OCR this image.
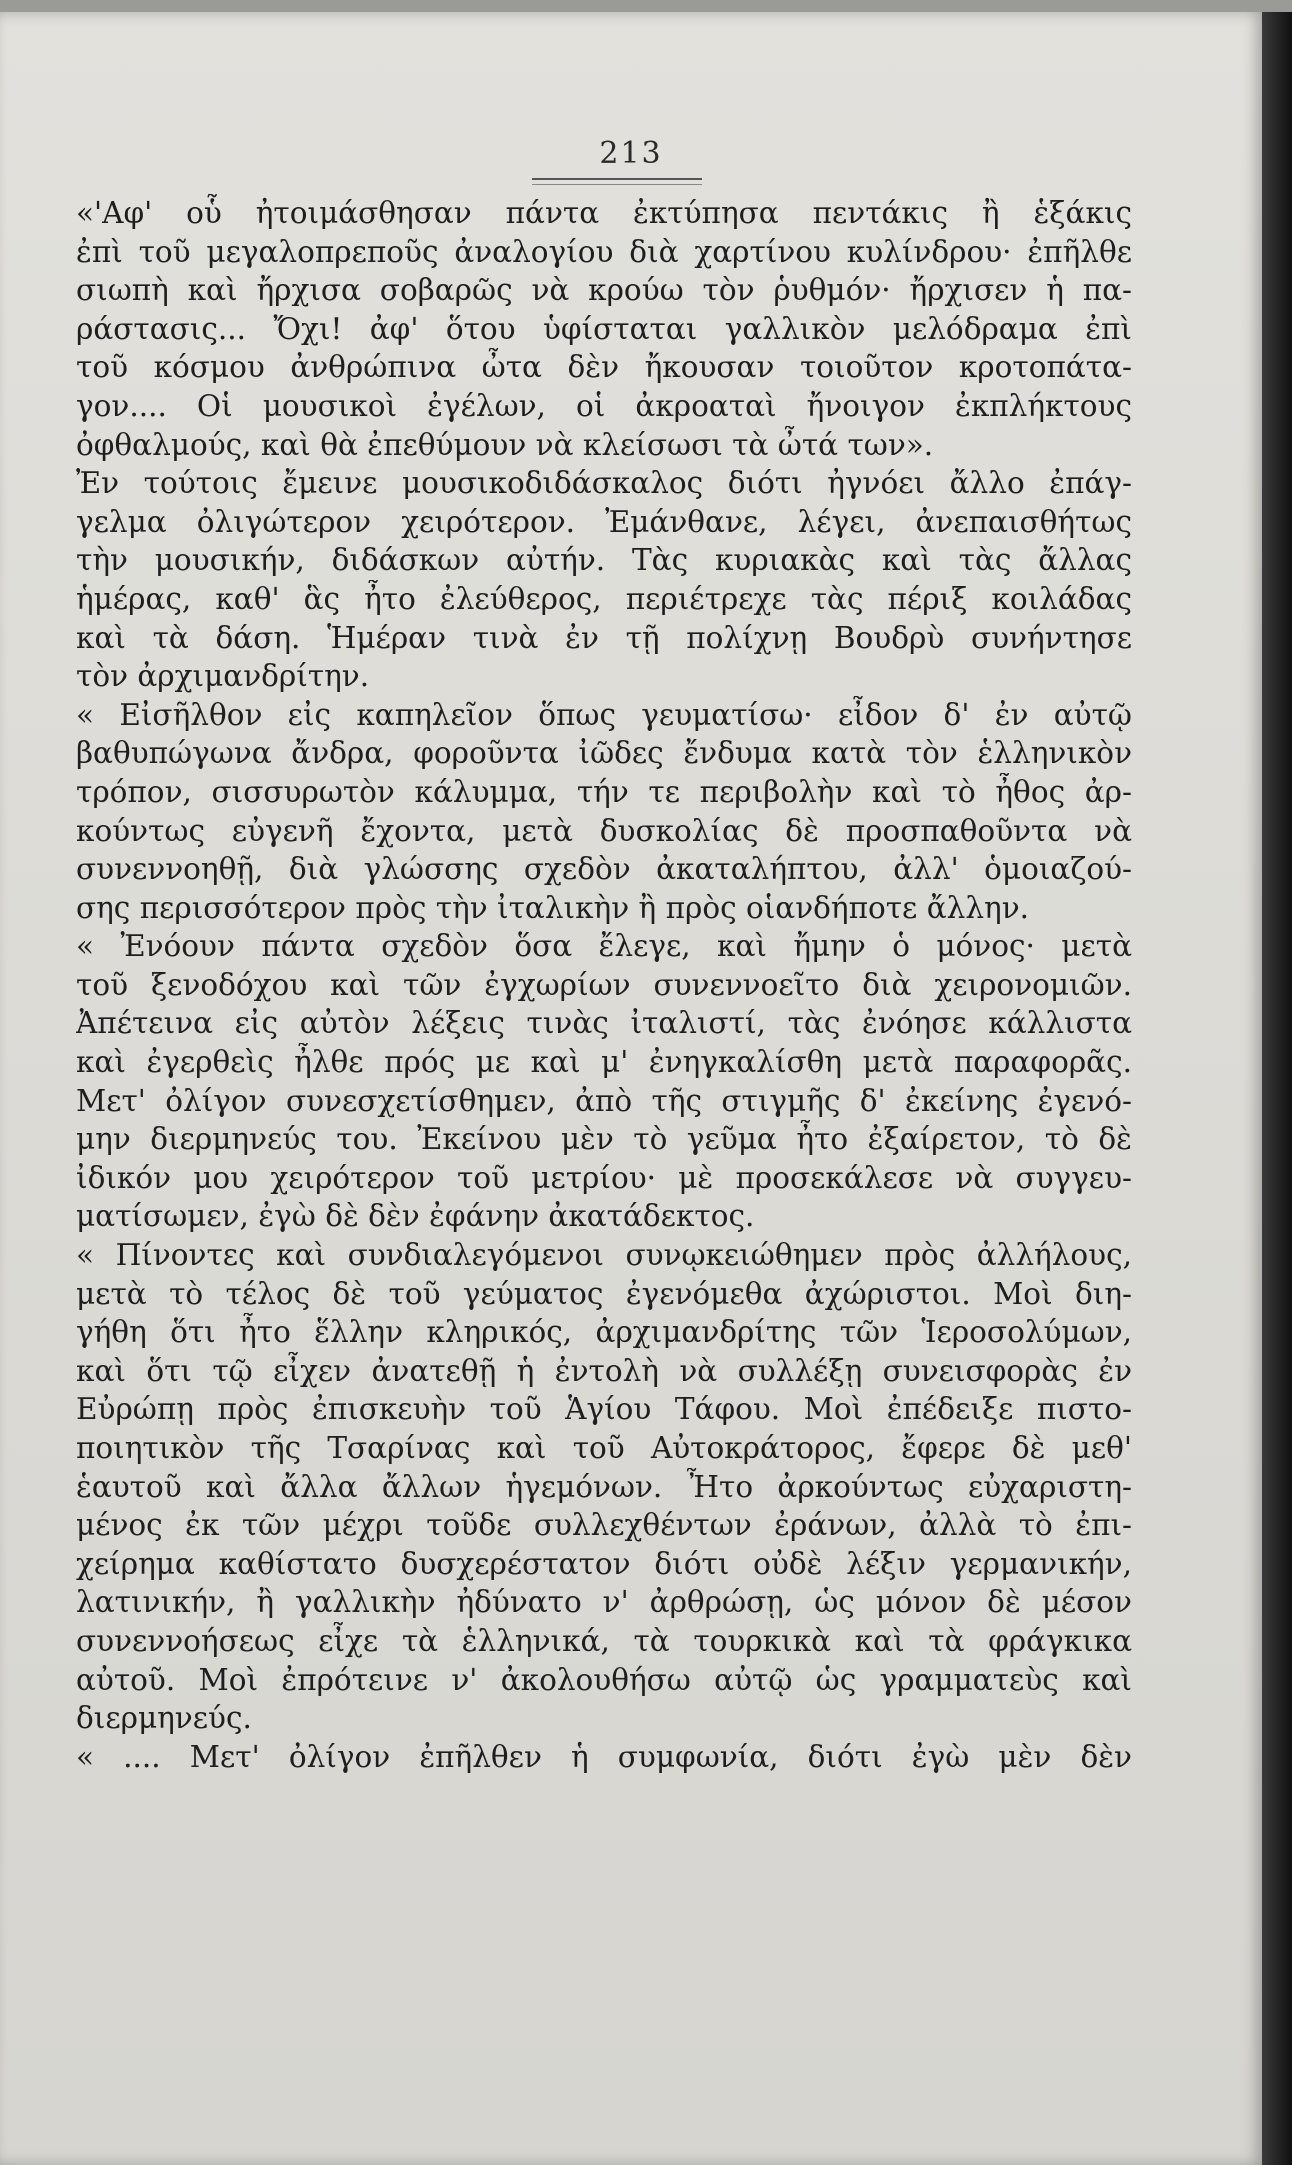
213
«'Αφ' οὗ ἠτοιμάσθησαν πάντα ἐκτύπησα πεντάκις ἢ ἑξάκις
ἐπὶ τοῦ μεγαλοπρεποῦς ἀναλογίου διὰ χαρτίνου κυλίνδρου· ἐπῆλθε
σιωπὴ καὶ ἤρχισα σοβαρῶς νὰ κρούω τὸν ῥυθμόν· ἤρχισεν ἡ πα-
ράστασις... Ὄχι! ἀφ' ὅτου ὑφίσταται γαλλικὸν μελόδραμα ἐπὶ
τοῦ κόσμου ἀνθρώπινα ὦτα δὲν ἤκουσαν τοιοῦτον κροτοπάτα-
γον.... Οἱ μουσικοὶ ἐγέλων, οἱ ἀκροαταὶ ἤνοιγον ἐκπλήκτους
ὀφθαλμούς, καὶ θὰ ἐπεθύμουν νὰ κλείσωσι τὰ ὦτά των».
Ἐν τούτοις ἔμεινε μουσικοδιδάσκαλος διότι ἠγνόει ἄλλο ἐπάγ-
γελμα ὀλιγώτερον χειρότερον. Ἐμάνθανε, λέγει, ἀνεπαισθήτως
τὴν μουσικήν, διδάσκων αὐτήν. Τὰς κυριακὰς καὶ τὰς ἄλλας
ἡμέρας, καθ' ἃς ἦτο ἐλεύθερος, περιέτρεχε τὰς πέριξ κοιλάδας
καὶ τὰ δάση. Ἡμέραν τινὰ ἐν τῇ πολίχνῃ Βουδρὺ συνήντησε
τὸν ἀρχιμανδρίτην.
« Εἰσῆλθον εἰς καπηλεῖον ὅπως γευματίσω· εἶδον δ' ἐν αὐτῷ
βαθυπώγωνα ἄνδρα, φοροῦντα ἰῶδες ἔνδυμα κατὰ τὸν ἑλληνικὸν
τρόπον, σισσυρωτὸν κάλυμμα, τήν τε περιβολὴν καὶ τὸ ἦθος ἀρ-
κούντως εὐγενῆ ἔχοντα, μετὰ δυσκολίας δὲ προσπαθοῦντα νὰ
συνεννοηθῇ, διὰ γλώσσης σχεδὸν ἀκαταλήπτου, ἀλλ' ὁμοιαζού-
σης περισσότερον πρὸς τὴν ἰταλικὴν ἢ πρὸς οἱανδήποτε ἄλλην.
« Ἐνόουν πάντα σχεδὸν ὅσα ἔλεγε, καὶ ἤμην ὁ μόνος· μετὰ
τοῦ ξενοδόχου καὶ τῶν ἐγχωρίων συνεννοεῖτο διὰ χειρονομιῶν.
Ἀπέτεινα εἰς αὐτὸν λέξεις τινὰς ἰταλιστί, τὰς ἐνόησε κάλλιστα
καὶ ἐγερθεὶς ἦλθε πρός με καὶ μ' ἐνηγκαλίσθη μετὰ παραφορᾶς.
Μετ' ὀλίγον συνεσχετίσθημεν, ἀπὸ τῆς στιγμῆς δ' ἐκείνης ἐγενό-
μην διερμηνεύς του. Ἐκείνου μὲν τὸ γεῦμα ἦτο ἐξαίρετον, τὸ δὲ
ἰδικόν μου χειρότερον τοῦ μετρίου· μὲ προσεκάλεσε νὰ συγγευ-
ματίσωμεν, ἐγὼ δὲ δὲν ἐφάνην ἀκατάδεκτος.
« Πίνοντες καὶ συνδιαλεγόμενοι συνῳκειώθημεν πρὸς ἀλλήλους,
μετὰ τὸ τέλος δὲ τοῦ γεύματος ἐγενόμεθα ἀχώριστοι. Μοὶ διη-
γήθη ὅτι ἦτο ἕλλην κληρικός, ἀρχιμανδρίτης τῶν Ἱεροσολύμων,
καὶ ὅτι τῷ εἶχεν ἀνατεθῇ ἡ ἐντολὴ νὰ συλλέξῃ συνεισφορὰς ἐν
Εὐρώπῃ πρὸς ἐπισκευὴν τοῦ Ἁγίου Τάφου. Μοὶ ἐπέδειξε πιστο-
ποιητικὸν τῆς Τσαρίνας καὶ τοῦ Αὐτοκράτορος, ἔφερε δὲ μεθ'
ἑαυτοῦ καὶ ἄλλα ἄλλων ἡγεμόνων. Ἦτο ἀρκούντως εὐχαριστη-
μένος ἐκ τῶν μέχρι τοῦδε συλλεχθέντων ἐράνων, ἀλλὰ τὸ ἐπι-
χείρημα καθίστατο δυσχερέστατον διότι οὐδὲ λέξιν γερμανικήν,
λατινικήν, ἢ γαλλικὴν ἠδύνατο ν' ἀρθρώσῃ, ὡς μόνον δὲ μέσον
συνεννοήσεως εἶχε τὰ ἑλληνικά, τὰ τουρκικὰ καὶ τὰ φράγκικα
αὐτοῦ. Μοὶ ἐπρότεινε ν' ἀκολουθήσω αὐτῷ ὡς γραμματεὺς καὶ
διερμηνεύς.
« .... Μετ' ὀλίγον ἐπῆλθεν ἡ συμφωνία, διότι ἐγὼ μὲν δὲν
